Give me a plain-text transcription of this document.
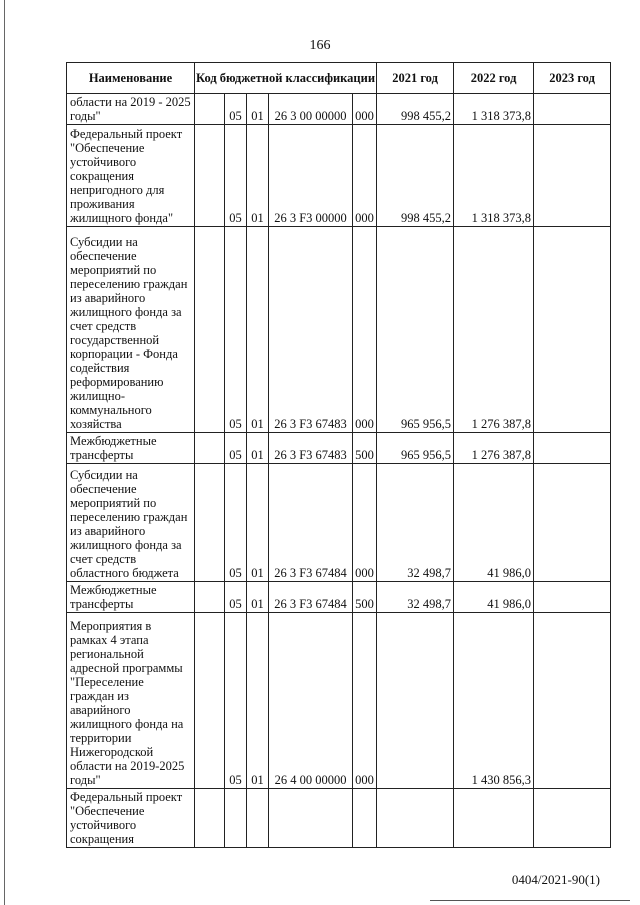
166
Наименование	Код бюджетной классификации					2021 год	2022 год	2023 год
области на 2019 - 2025 годы"		05	01	26 3 00 00000	000	998 455,2	1 318 373,8	
Федеральный проект "Обеспечение устойчивого сокращения непригодного для проживания жилищного фонда"		05	01	26 3 F3 00000	000	998 455,2	1 318 373,8	
Субсидии на обеспечение мероприятий по переселению граждан из аварийного жилищного фонда за счет средств государственной корпорации - Фонда содействия реформированию жилищно-коммунального хозяйства		05	01	26 3 F3 67483	000	965 956,5	1 276 387,8	
Межбюджетные трансферты		05	01	26 3 F3 67483	500	965 956,5	1 276 387,8	
Субсидии на обеспечение мероприятий по переселению граждан из аварийного жилищного фонда за счет средств областного бюджета		05	01	26 3 F3 67484	000	32 498,7	41 986,0	
Межбюджетные трансферты		05	01	26 3 F3 67484	500	32 498,7	41 986,0	
Мероприятия в рамках 4 этапа региональной адресной программы "Переселение граждан из аварийного жилищного фонда на территории Нижегородской области на 2019-2025 годы"		05	01	26 4 00 00000	000		1 430 856,3	
Федеральный проект "Обеспечение устойчивого сокращения								
0404/2021-90(1)
